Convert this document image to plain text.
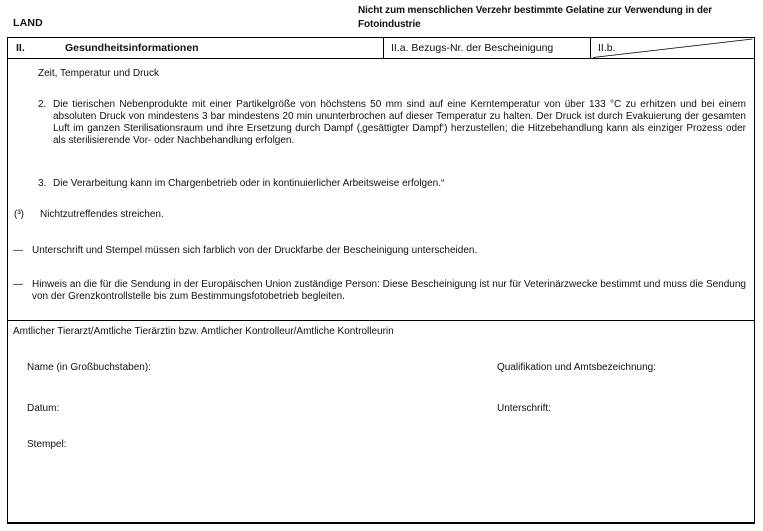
LAND
Nicht zum menschlichen Verzehr bestimmte Gelatine zur Verwendung in der Fotoindustrie
II.	Gesundheitsinformationen	II.a. Bezugs-Nr. der Bescheinigung	II.b.
Zeit, Temperatur und Druck
2. Die tierischen Nebenprodukte mit einer Partikelgröße von höchstens 50 mm sind auf eine Kerntemperatur von über 133 °C zu erhitzen und bei einem absoluten Druck von mindestens 3 bar mindestens 20 min ununterbrochen auf dieser Temperatur zu halten. Der Druck ist durch Evakuierung der gesamten Luft im ganzen Sterilisationsraum und ihre Ersetzung durch Dampf (‚gesättigter Dampf‘) herzustellen; die Hitzebehandlung kann als einziger Prozess oder als sterilisierende Vor- oder Nachbehandlung erfolgen.
3. Die Verarbeitung kann im Chargenbetrieb oder in kontinuierlicher Arbeitsweise erfolgen.“
(³)	Nichtzutreffendes streichen.
— Unterschrift und Stempel müssen sich farblich von der Druckfarbe der Bescheinigung unterscheiden.
— Hinweis an die für die Sendung in der Europäischen Union zuständige Person: Diese Bescheinigung ist nur für Veterinärzwecke bestimmt und muss die Sendung von der Grenzkontrollstelle bis zum Bestimmungsfotobetrieb begleiten.
Amtlicher Tierarzt/Amtliche Tierärztin bzw. Amtlicher Kontrolleur/Amtliche Kontrolleurin
Name (in Großbuchstaben):	Qualifikation und Amtsbezeichnung:
Datum:	Unterschrift:
Stempel:
